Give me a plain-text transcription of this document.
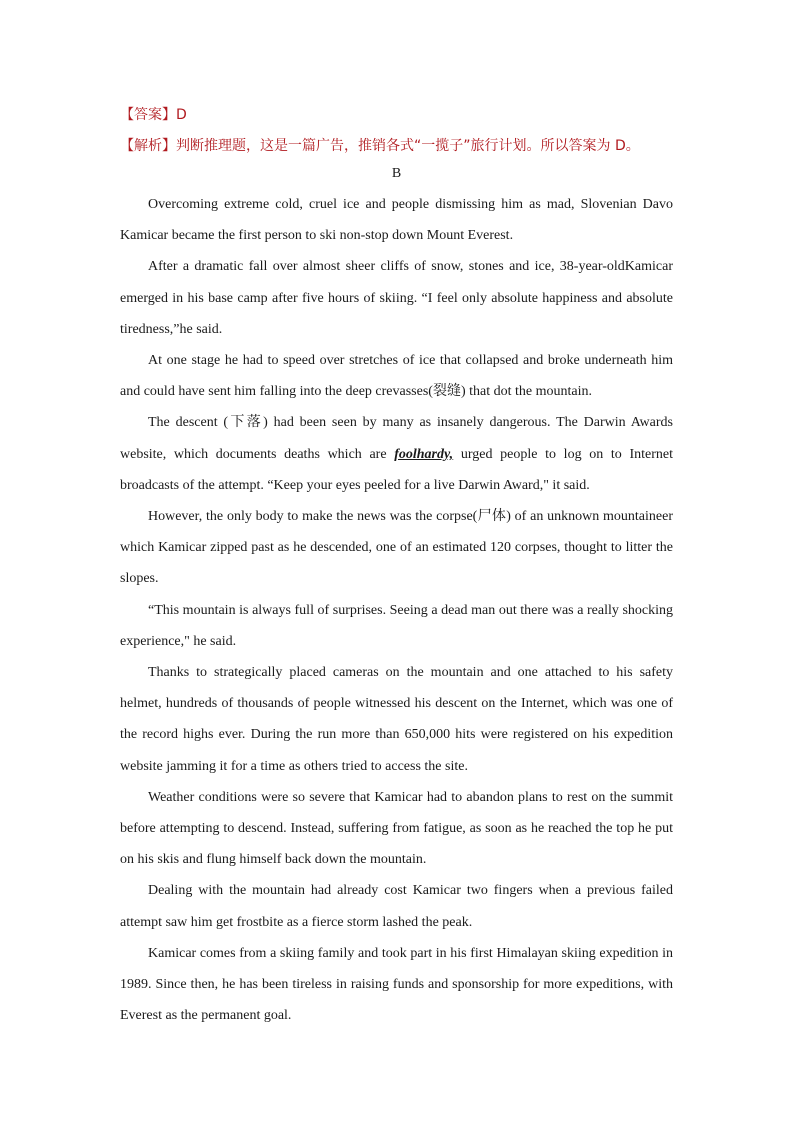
【答案】D
【解析】判断推理题，这是一篇广告，推销各式“一揽子”旅行计划。所以答案为 D。
B

Overcoming extreme cold, cruel ice and people dismissing him as mad, Slovenian Davo Kamicar became the first person to ski non-stop down Mount Everest.

After a dramatic fall over almost sheer cliffs of snow, stones and ice, 38-year-oldKamicar emerged in his base camp after five hours of skiing. “I feel only absolute happiness and absolute tiredness,”he said.

At one stage he had to speed over stretches of ice that collapsed and broke underneath him and could have sent him falling into the deep crevasses(裂缝) that dot the mountain.

The descent (下落) had been seen by many as insanely dangerous. The Darwin Awards website, which documents deaths which are foolhardy, urged people to log on to Internet broadcasts of the attempt. “Keep your eyes peeled for a live Darwin Award," it said.

However, the only body to make the news was the corpse(尸体) of an unknown mountaineer which Kamicar zipped past as he descended, one of an estimated 120 corpses, thought to litter the slopes.

“This mountain is always full of surprises. Seeing a dead man out there was a really shocking experience," he said.

Thanks to strategically placed cameras on the mountain and one attached to his safety helmet, hundreds of thousands of people witnessed his descent on the Internet, which was one of the record highs ever. During the run more than 650,000 hits were registered on his expedition website jamming it for a time as others tried to access the site.

Weather conditions were so severe that Kamicar had to abandon plans to rest on the summit before attempting to descend. Instead, suffering from fatigue, as soon as he reached the top he put on his skis and flung himself back down the mountain.

Dealing with the mountain had already cost Kamicar two fingers when a previous failed attempt saw him get frostbite as a fierce storm lashed the peak.

Kamicar comes from a skiing family and took part in his first Himalayan skiing expedition in 1989. Since then, he has been tireless in raising funds and sponsorship for more expeditions, with Everest as the permanent goal.
